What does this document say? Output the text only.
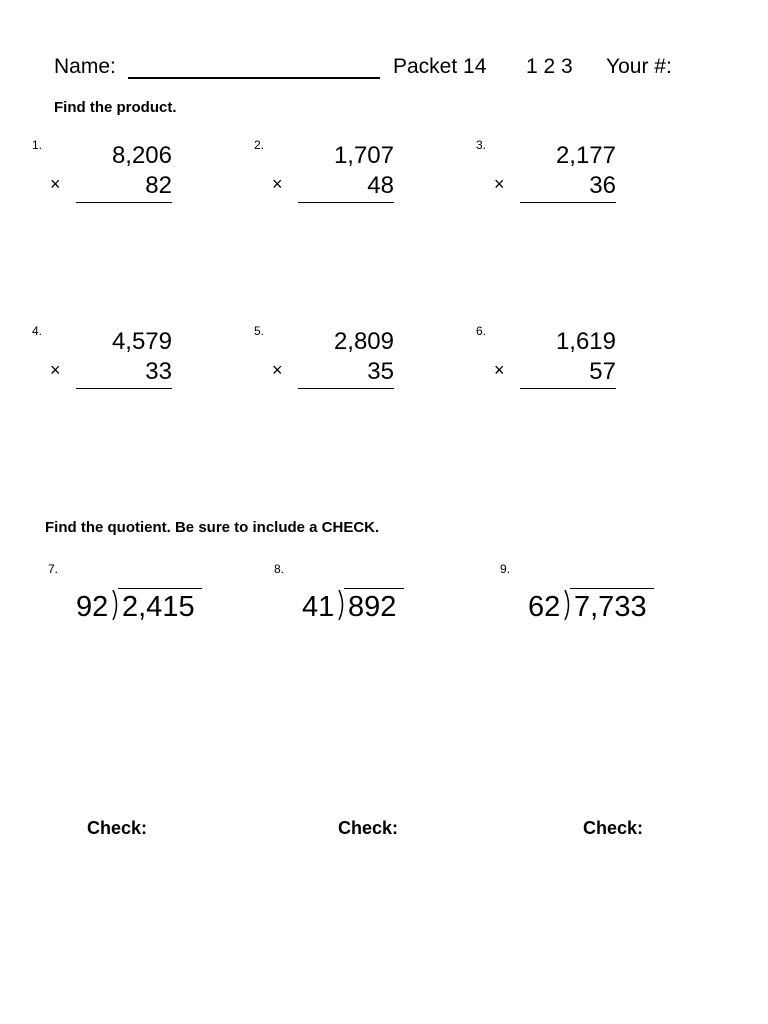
Name:	Packet 14 1 2 3 Your #:
Find the product.
1.	8,206
×	82
2.	1,707
×	48
3.	2,177
×	36
4.	4,579
×	33
5.	2,809
×	35
6.	1,619
×	57
Find the quotient. Be sure to include a CHECK.
7.
92 2,415
8.
41 892
9.
62 7,733
Check:	Check:	Check:
